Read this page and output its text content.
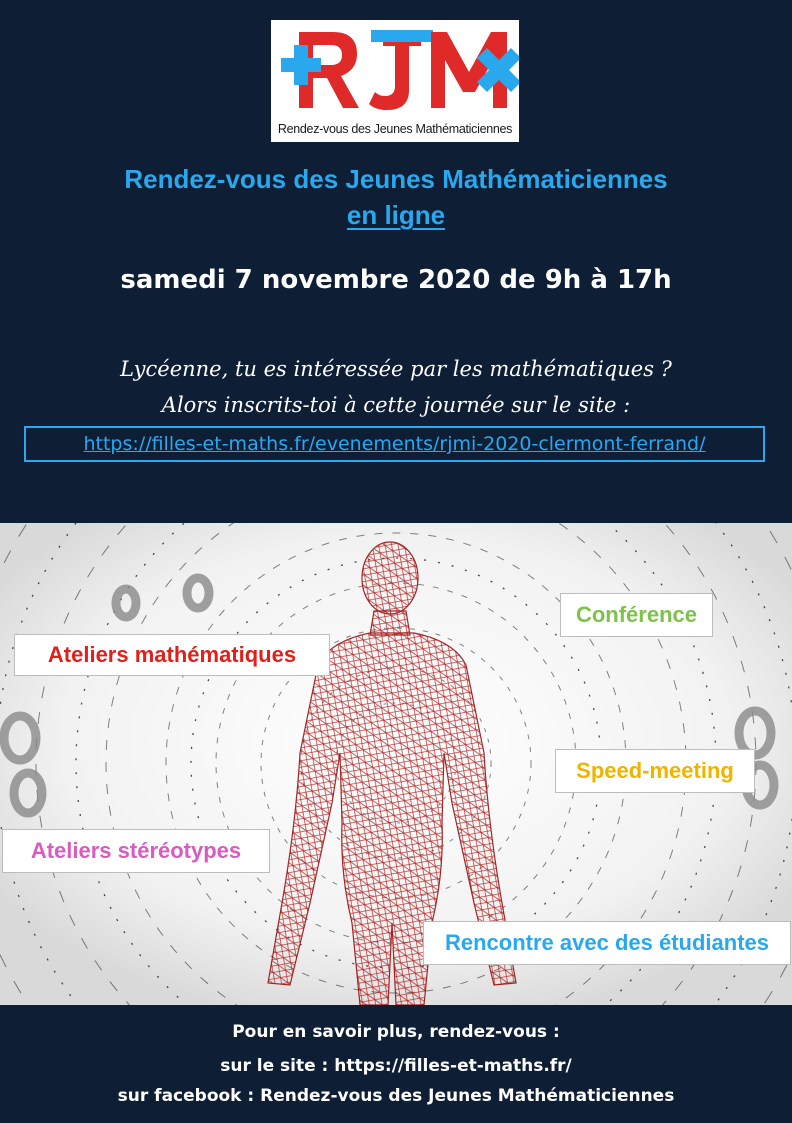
Rendez-vous des Jeunes Mathématiciennes
Rendez-vous des Jeunes Mathématiciennes
en ligne
samedi 7 novembre 2020 de 9h à 17h
Lycéenne, tu es intéressée par les mathématiques ?
Alors inscrits-toi à cette journée sur le site :
https://filles-et-maths.fr/evenements/rjmi-2020-clermont-ferrand/
Ateliers mathématiques
Conférence
Speed-meeting
Ateliers stéréotypes
Rencontre avec des étudiantes
Pour en savoir plus, rendez-vous :
sur le site : https://filles-et-maths.fr/
sur facebook : Rendez-vous des Jeunes Mathématiciennes
